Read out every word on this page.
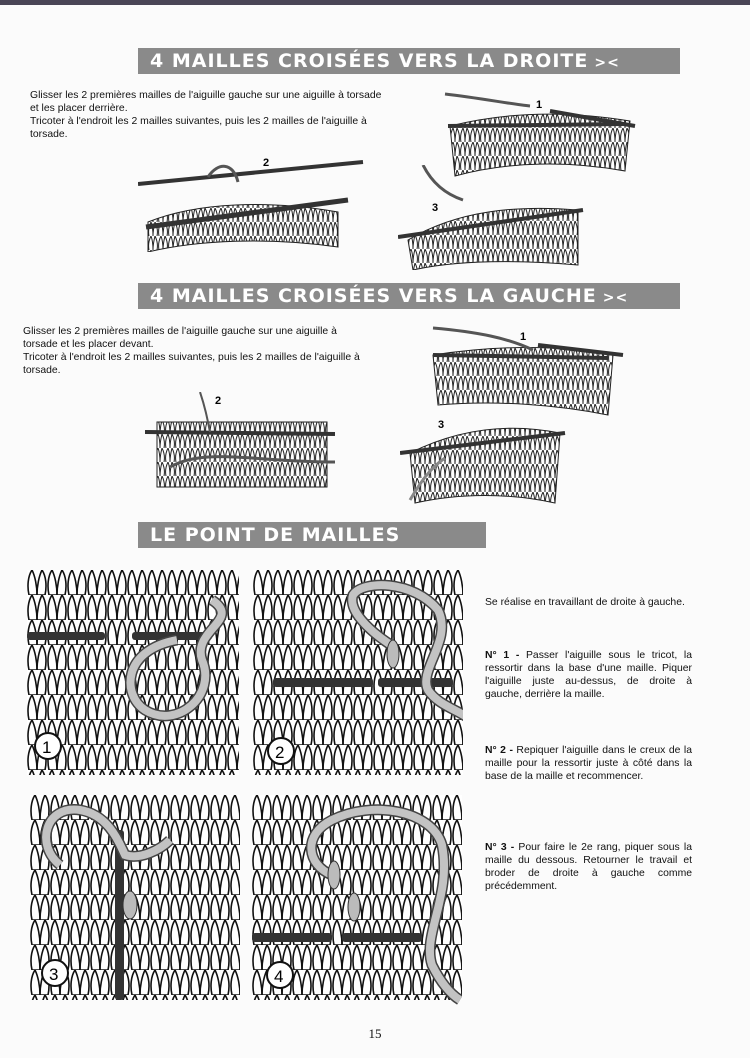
4 MAILLES CROISÉES VERS LA DROITE ><

Glisser les 2 premières mailles de l'aiguille gauche sur une aiguille à torsade et les placer derrière.

Tricoter à l'endroit les 2 mailles suivantes, puis les 2 mailles de l'aiguille à torsade.

2
1
3
4 MAILLES CROISÉES VERS LA GAUCHE ><

Glisser les 2 premières mailles de l'aiguille gauche sur une aiguille à torsade et les placer devant.

Tricoter à l'endroit les 2 mailles suivantes, puis les 2 mailles de l'aiguille à torsade.

1
2
3
LE POINT DE MAILLES
1	2
3	4

Se réalise en travaillant de droite à gauche.

N° 1 - Passer l'aiguille sous le tricot, la ressortir dans la base d'une maille. Piquer l'aiguille juste au-dessus, de droite à gauche, derrière la maille.

N° 2 - Repiquer l'aiguille dans le creux de la maille pour la ressortir juste à côté dans la base de la maille et recommencer.

N° 3 - Pour faire le 2e rang, piquer sous la maille du dessous. Retourner le travail et broder de droite à gauche comme précédemment.

15
